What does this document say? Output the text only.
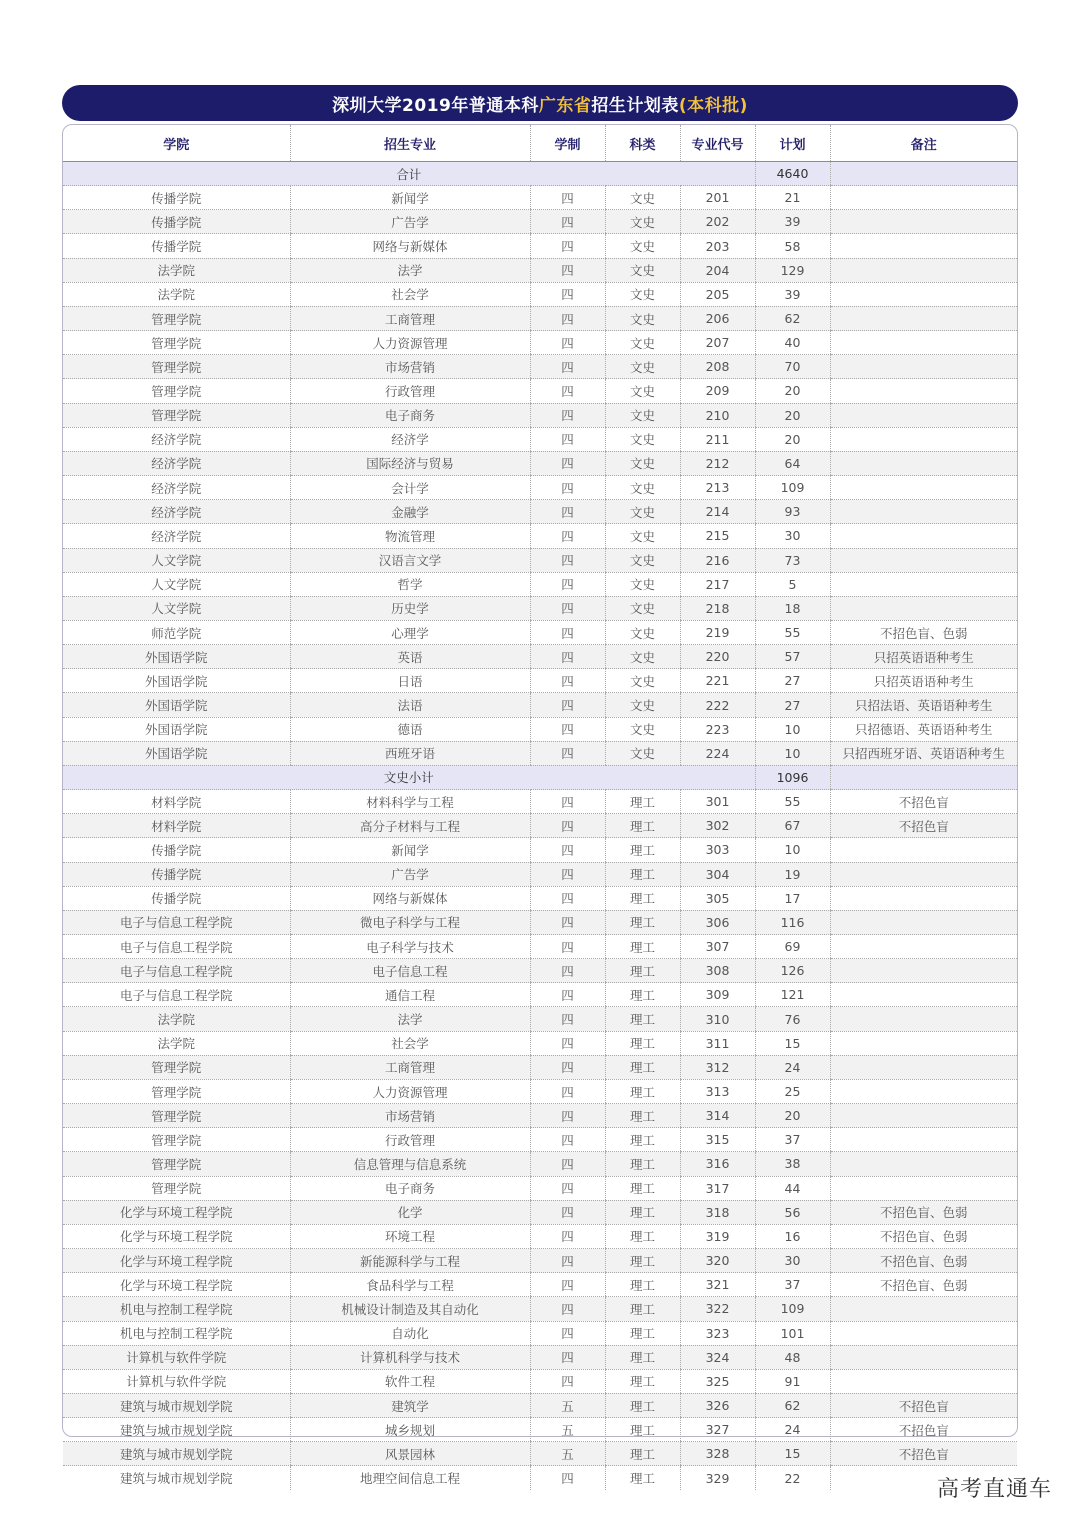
深圳大学2019年普通本科 广东省 招生计划表 (本科批)
学院	招生专业	学制	科类	专业代号	计划	备注
合计					4640	
传播学院	新闻学	四	文史	201	21	
传播学院	广告学	四	文史	202	39	
传播学院	网络与新媒体	四	文史	203	58	
法学院	法学	四	文史	204	129	
法学院	社会学	四	文史	205	39	
管理学院	工商管理	四	文史	206	62	
管理学院	人力资源管理	四	文史	207	40	
管理学院	市场营销	四	文史	208	70	
管理学院	行政管理	四	文史	209	20	
管理学院	电子商务	四	文史	210	20	
经济学院	经济学	四	文史	211	20	
经济学院	国际经济与贸易	四	文史	212	64	
经济学院	会计学	四	文史	213	109	
经济学院	金融学	四	文史	214	93	
经济学院	物流管理	四	文史	215	30	
人文学院	汉语言文学	四	文史	216	73	
人文学院	哲学	四	文史	217	5	
人文学院	历史学	四	文史	218	18	
师范学院	心理学	四	文史	219	55	不招色盲、色弱
外国语学院	英语	四	文史	220	57	只招英语语种考生
外国语学院	日语	四	文史	221	27	只招英语语种考生
外国语学院	法语	四	文史	222	27	只招法语、英语语种考生
外国语学院	德语	四	文史	223	10	只招德语、英语语种考生
外国语学院	西班牙语	四	文史	224	10	只招西班牙语、英语语种考生
文史小计					1096	
材料学院	材料科学与工程	四	理工	301	55	不招色盲
材料学院	高分子材料与工程	四	理工	302	67	不招色盲
传播学院	新闻学	四	理工	303	10	
传播学院	广告学	四	理工	304	19	
传播学院	网络与新媒体	四	理工	305	17	
电子与信息工程学院	微电子科学与工程	四	理工	306	116	
电子与信息工程学院	电子科学与技术	四	理工	307	69	
电子与信息工程学院	电子信息工程	四	理工	308	126	
电子与信息工程学院	通信工程	四	理工	309	121	
法学院	法学	四	理工	310	76	
法学院	社会学	四	理工	311	15	
管理学院	工商管理	四	理工	312	24	
管理学院	人力资源管理	四	理工	313	25	
管理学院	市场营销	四	理工	314	20	
管理学院	行政管理	四	理工	315	37	
管理学院	信息管理与信息系统	四	理工	316	38	
管理学院	电子商务	四	理工	317	44	
化学与环境工程学院	化学	四	理工	318	56	不招色盲、色弱
化学与环境工程学院	环境工程	四	理工	319	16	不招色盲、色弱
化学与环境工程学院	新能源科学与工程	四	理工	320	30	不招色盲、色弱
化学与环境工程学院	食品科学与工程	四	理工	321	37	不招色盲、色弱
机电与控制工程学院	机械设计制造及其自动化	四	理工	322	109	
机电与控制工程学院	自动化	四	理工	323	101	
计算机与软件学院	计算机科学与技术	四	理工	324	48	
计算机与软件学院	软件工程	四	理工	325	91	
建筑与城市规划学院	建筑学	五	理工	326	62	不招色盲
建筑与城市规划学院	城乡规划	五	理工	327	24	不招色盲
建筑与城市规划学院	风景园林	五	理工	328	15	不招色盲
建筑与城市规划学院	地理空间信息工程	四	理工	329	22		高考直通车
